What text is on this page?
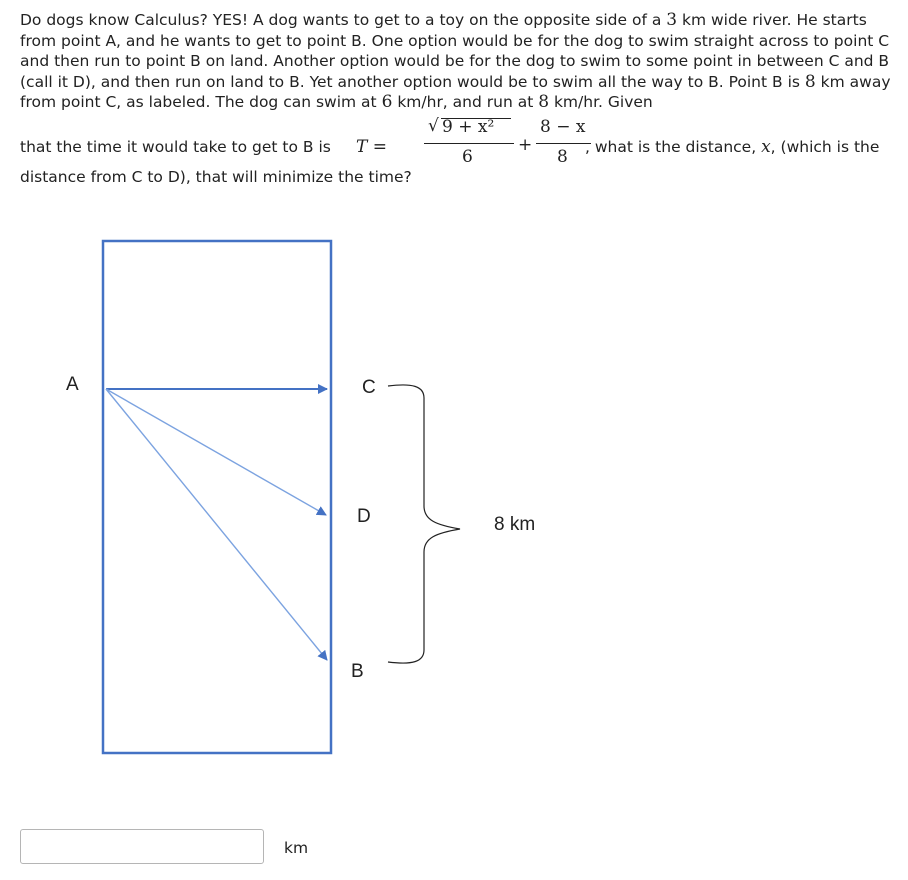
Do dogs know Calculus? YES! A dog wants to get to a toy on the opposite side of a 3 km wide river. He starts from point A, and he wants to get to point B. One option would be for the dog to swim straight across to point C and then run to point B on land. Another option would be for the dog to swim to some point in between C and B (call it D), and then run on land to B. Yet another option would be to swim all the way to B. Point B is 8 km away from point C, as labeled. The dog can swim at 6 km/hr, and run at 8 km/hr. Given

that the time it would take to get to B is T =
√ 9 + x²
6
+
8 − x
8 , what is the distance, x, (which is the
distance from C to D), that will minimize the time?
A	C
D
B
8 km
km
